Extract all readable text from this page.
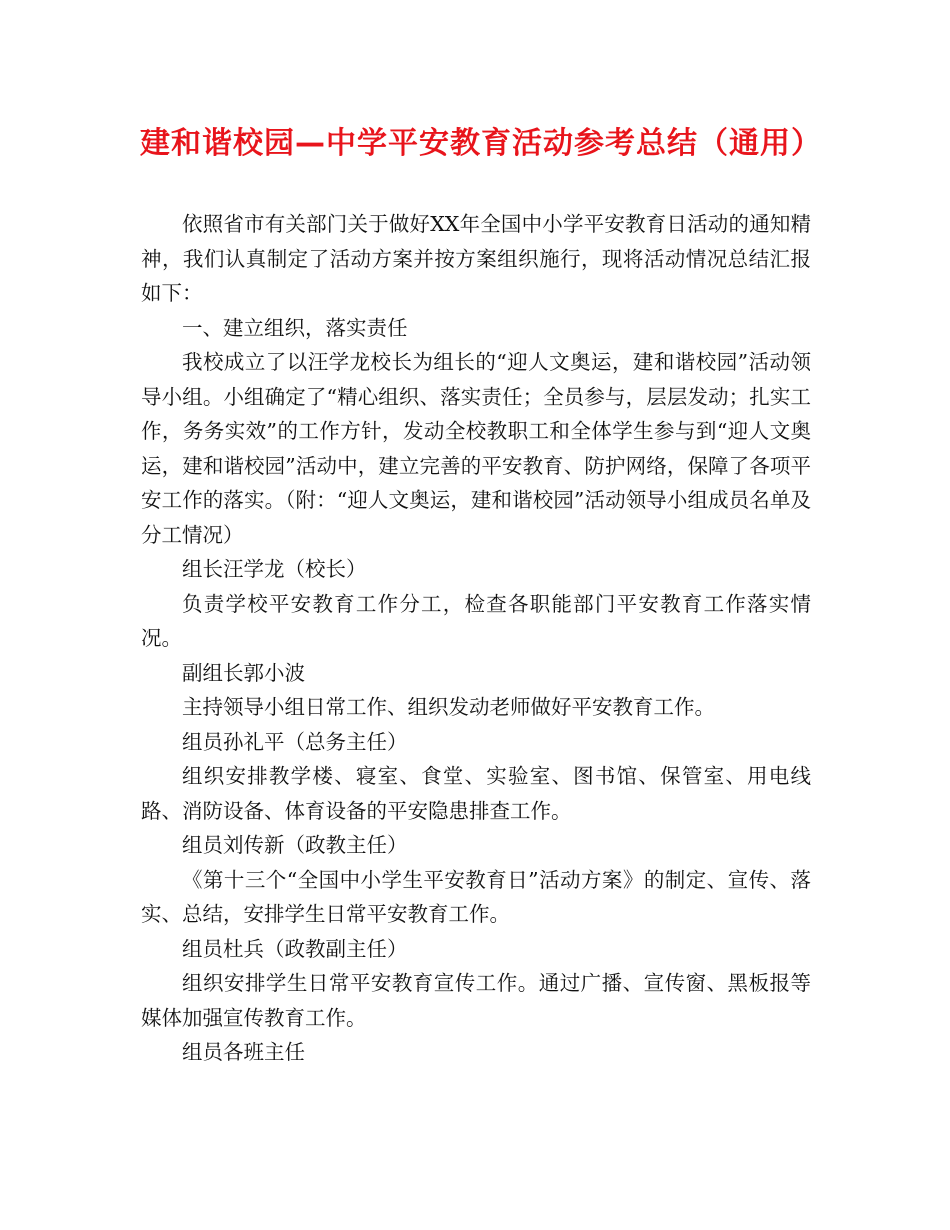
建和谐校园—中学平安教育活动参考总结（通用）

依照省市有关部门关于做好XX年全国中小学平安教育日活动的通知精神，我们认真制定了活动方案并按方案组织施行，现将活动情况总结汇报如下：

一、建立组织，落实责任

我校成立了以汪学龙校长为组长的“迎人文奥运，建和谐校园”活动领导小组。小组确定了“精心组织、落实责任；全员参与，层层发动；扎实工作，务务实效”的工作方针，发动全校教职工和全体学生参与到“迎人文奥运，建和谐校园”活动中，建立完善的平安教育、防护网络，保障了各项平安工作的落实。（附：“迎人文奥运，建和谐校园”活动领导小组成员名单及分工情况）

组长汪学龙（校长）

负责学校平安教育工作分工，检查各职能部门平安教育工作落实情况。

副组长郭小波

主持领导小组日常工作、组织发动老师做好平安教育工作。

组员孙礼平（总务主任）

组织安排教学楼、寝室、食堂、实验室、图书馆、保管室、用电线路、消防设备、体育设备的平安隐患排查工作。

组员刘传新（政教主任）

《第十三个“全国中小学生平安教育日”活动方案》的制定、宣传、落实、总结，安排学生日常平安教育工作。

组员杜兵（政教副主任）

组织安排学生日常平安教育宣传工作。通过广播、宣传窗、黑板报等媒体加强宣传教育工作。

组员各班主任
